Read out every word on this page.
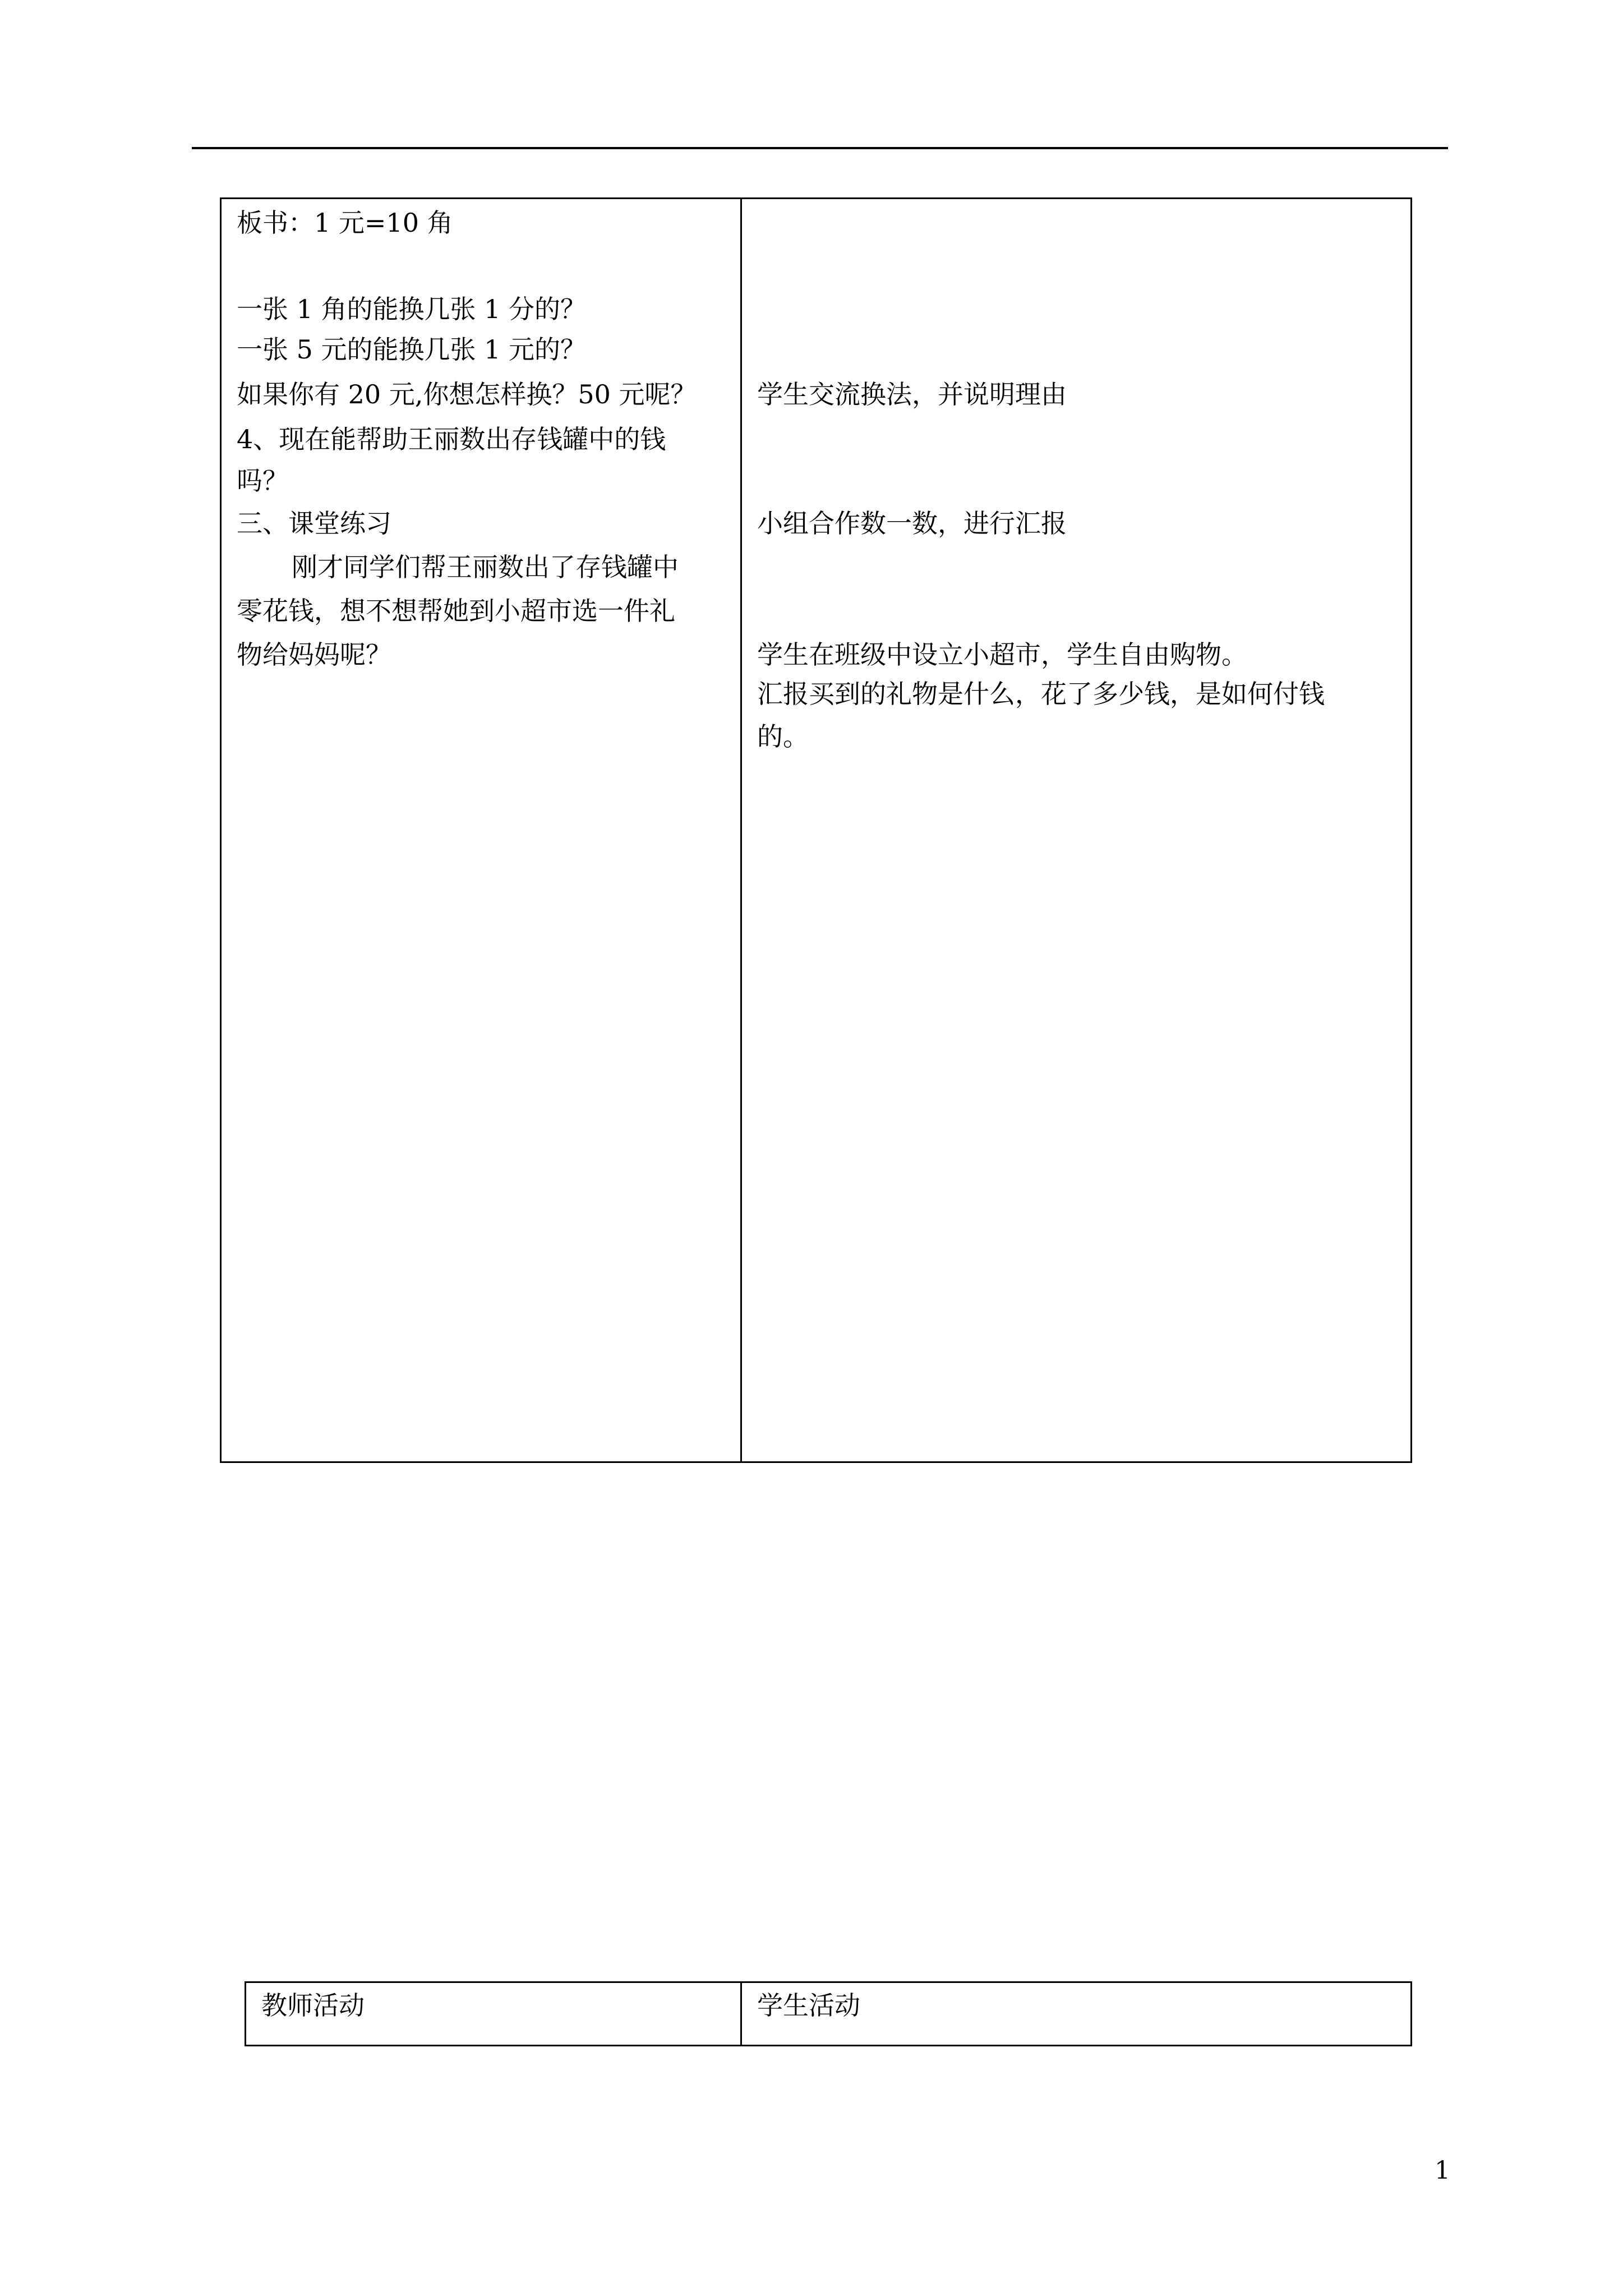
板书：1 元=10 角
一张 1 角的能换几张 1 分的？
一张 5 元的能换几张 1 元的？
如果你有 20 元,你想怎样换？50 元呢？
4、现在能帮助王丽数出存钱罐中的钱
吗？
三、课堂练习
刚才同学们帮王丽数出了存钱罐中
零花钱，想不想帮她到小超市选一件礼
物给妈妈呢？
学生交流换法，并说明理由
小组合作数一数，进行汇报
学生在班级中设立小超市，学生自由购物。
汇报买到的礼物是什么，花了多少钱，是如何付钱
的。
教师活动	学生活动
1
